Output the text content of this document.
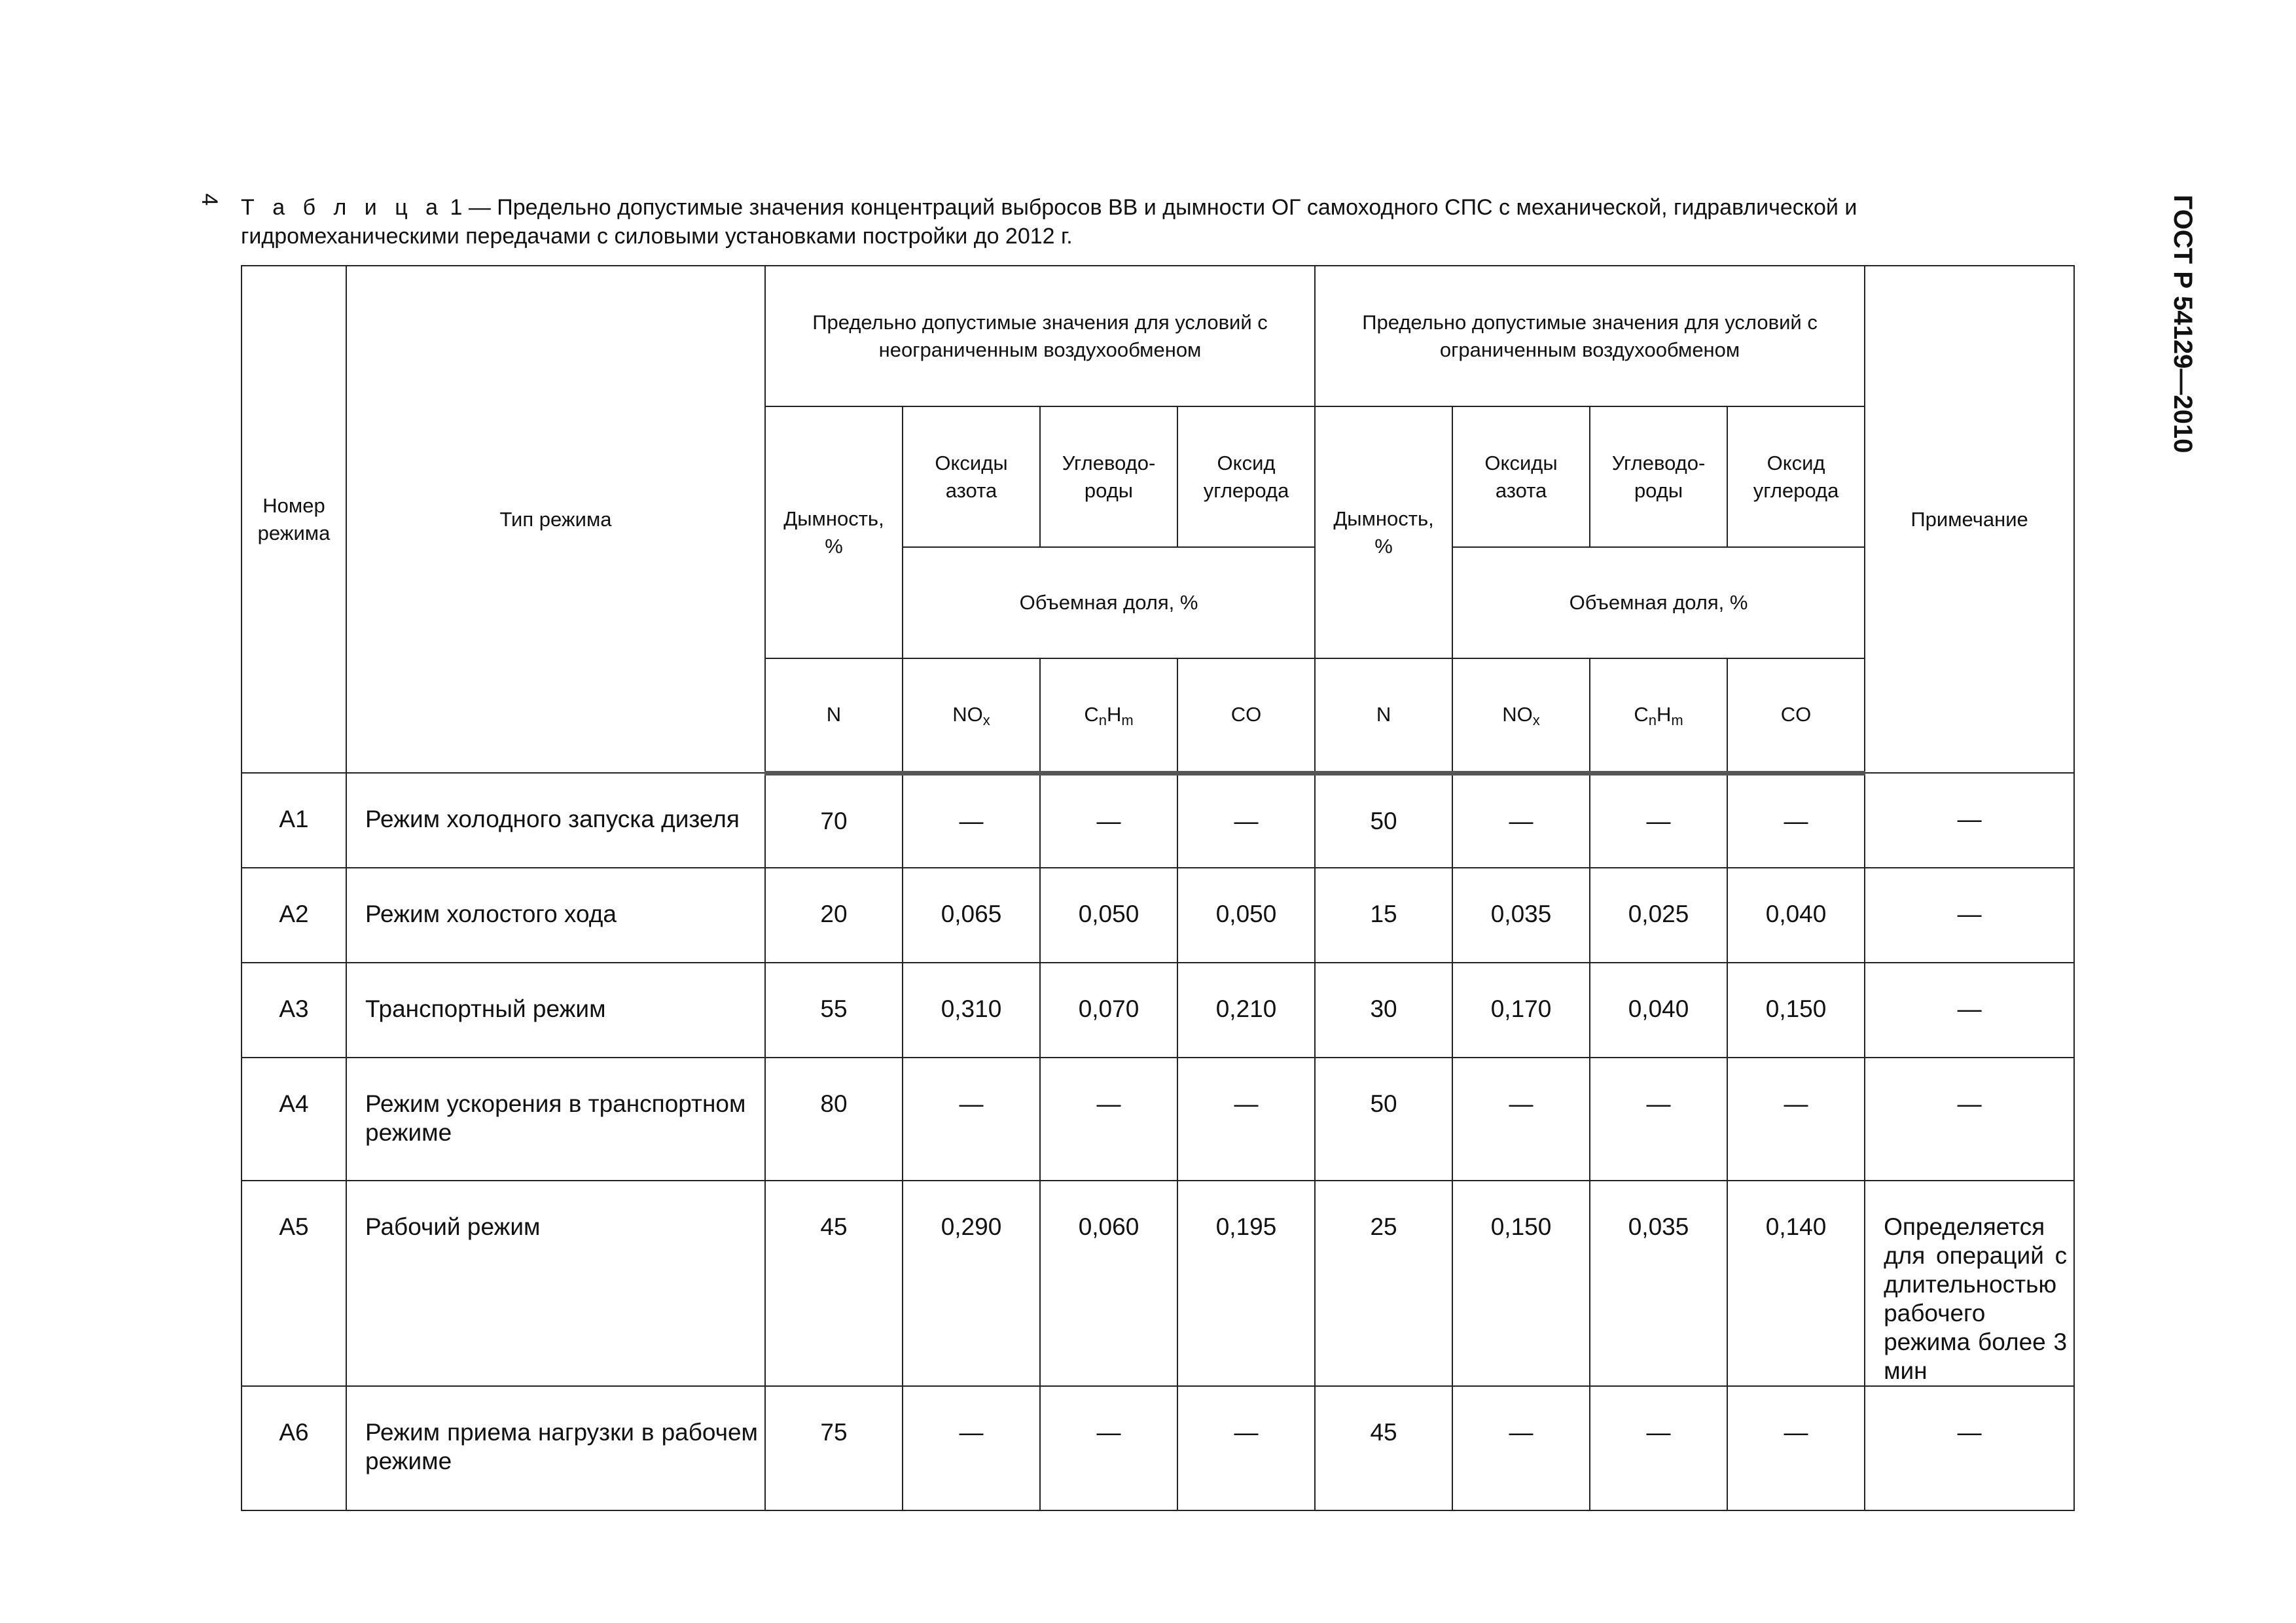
4	ГОСТ Р 54129—2010
Т а б л и ц а 1 — Предельно допустимые значения концентраций выбросов ВВ и дымности ОГ самоходного СПС с механической, гидравлической и гидромеханическими передачами с силовыми установками постройки до 2012 г.
Номер режима	Тип режима	Предельно допустимые значения для условий с неограниченным воздухообменом				Предельно допустимые значения для условий с ограниченным воздухообменом				Примечание
		Дымность, %	Оксиды азота	Углеводо-роды	Оксид углерода	Дымность, %	Оксиды азота	Углеводо-роды	Оксид углерода	
			Объемная доля, %				Объемная доля, %			
		N	$NO_x$	$C_nH_m$	CO	N	$NO_x$	$C_nH_m$	CO	
А1	Режим холодного запуска дизеля	70	—	—	—	50	—	—	—	—
А2	Режим холостого хода	20	0,065	0,050	0,050	15	0,035	0,025	0,040	—
А3	Транспортный режим	55	0,310	0,070	0,210	30	0,170	0,040	0,150	—
А4	Режим ускорения в транспортном режиме	80	—	—	—	50	—	—	—	—
А5	Рабочий режим	45	0,290	0,060	0,195	25	0,150	0,035	0,140	Определяется для операций с длительностью рабочего режима более 3 мин
А6	Режим приема нагрузки в рабочем режиме	75	—	—	—	45	—	—	—	—
